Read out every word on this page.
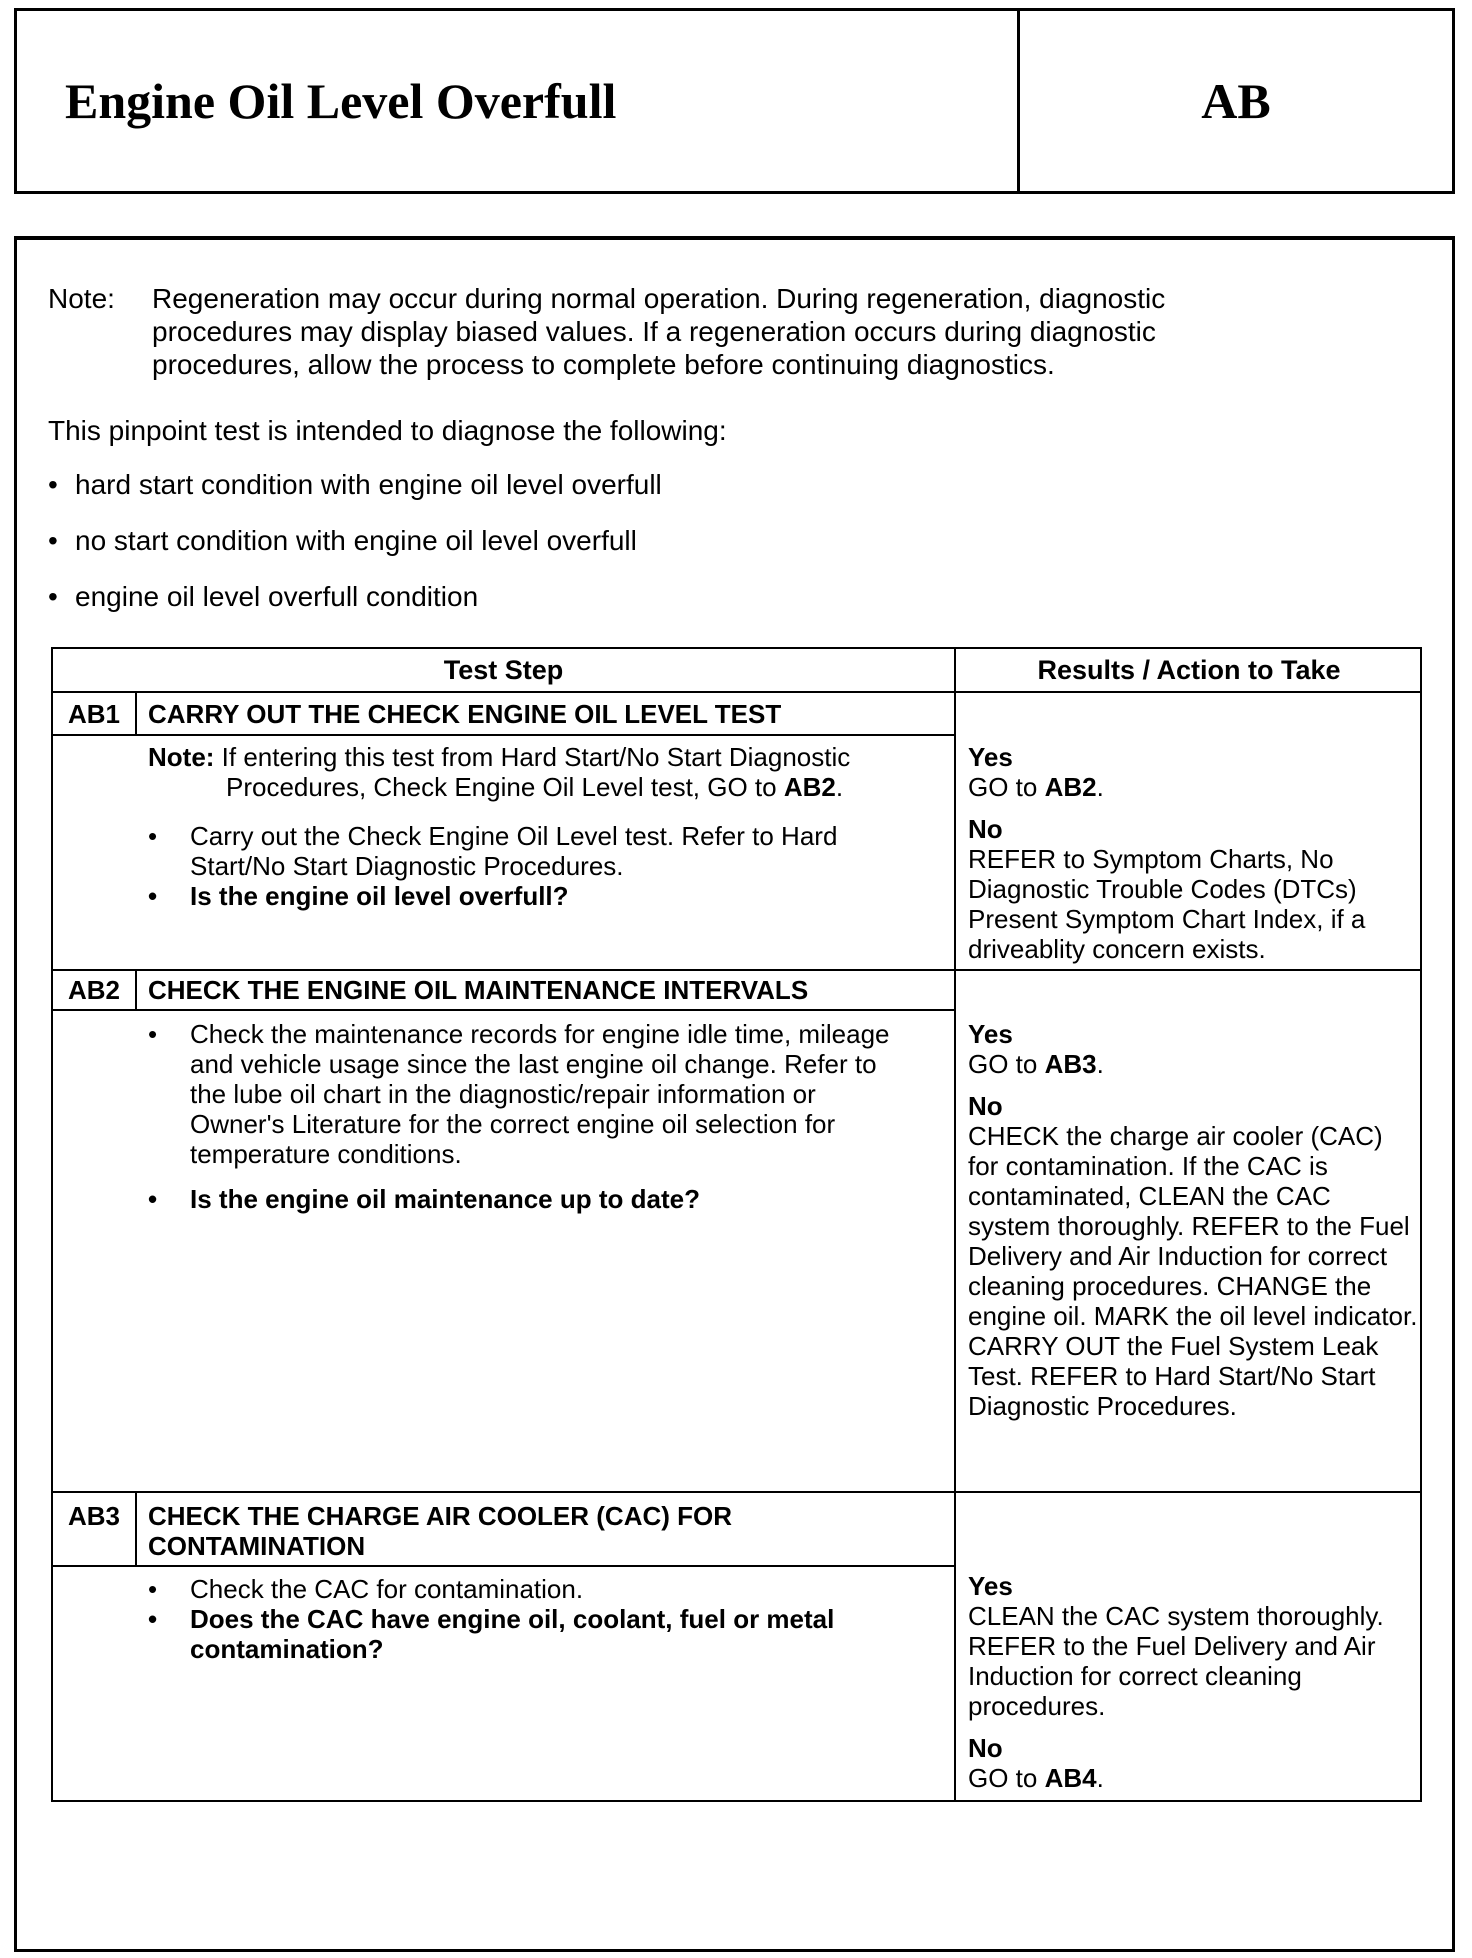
Engine Oil Level Overfull	AB
Note: Regeneration may occur during normal operation. During regeneration, diagnostic procedures may display biased values. If a regeneration occurs during diagnostic procedures, allow the process to complete before continuing diagnostics.
This pinpoint test is intended to diagnose the following:
• hard start condition with engine oil level overfull
• no start condition with engine oil level overfull
• engine oil level overfull condition
Test Step	Results / Action to Take
AB1	CARRY OUT THE CHECK ENGINE OIL LEVEL TEST
Note: If entering this test from Hard Start/No Start Diagnostic
Procedures, Check Engine Oil Level test, GO to AB2.
• Carry out the Check Engine Oil Level test. Refer to Hard Start/No Start Diagnostic Procedures.
• Is the engine oil level overfull?
Yes
GO to AB2.
No
REFER to Symptom Charts, No Diagnostic Trouble Codes (DTCs) Present Symptom Chart Index, if a driveablity concern exists.
AB2	CHECK THE ENGINE OIL MAINTENANCE INTERVALS
• Check the maintenance records for engine idle time, mileage and vehicle usage since the last engine oil change. Refer to the lube oil chart in the diagnostic/repair information or Owner's Literature for the correct engine oil selection for temperature conditions.
• Is the engine oil maintenance up to date?
Yes
GO to AB3.
No
CHECK the charge air cooler (CAC) for contamination. If the CAC is contaminated, CLEAN the CAC system thoroughly. REFER to the Fuel Delivery and Air Induction for correct cleaning procedures. CHANGE the engine oil. MARK the oil level indicator. CARRY OUT the Fuel System Leak Test. REFER to Hard Start/No Start Diagnostic Procedures.
AB3	CHECK THE CHARGE AIR COOLER (CAC) FOR CONTAMINATION
• Check the CAC for contamination.
• Does the CAC have engine oil, coolant, fuel or metal contamination?
Yes
CLEAN the CAC system thoroughly. REFER to the Fuel Delivery and Air Induction for correct cleaning procedures.
No
GO to AB4.
